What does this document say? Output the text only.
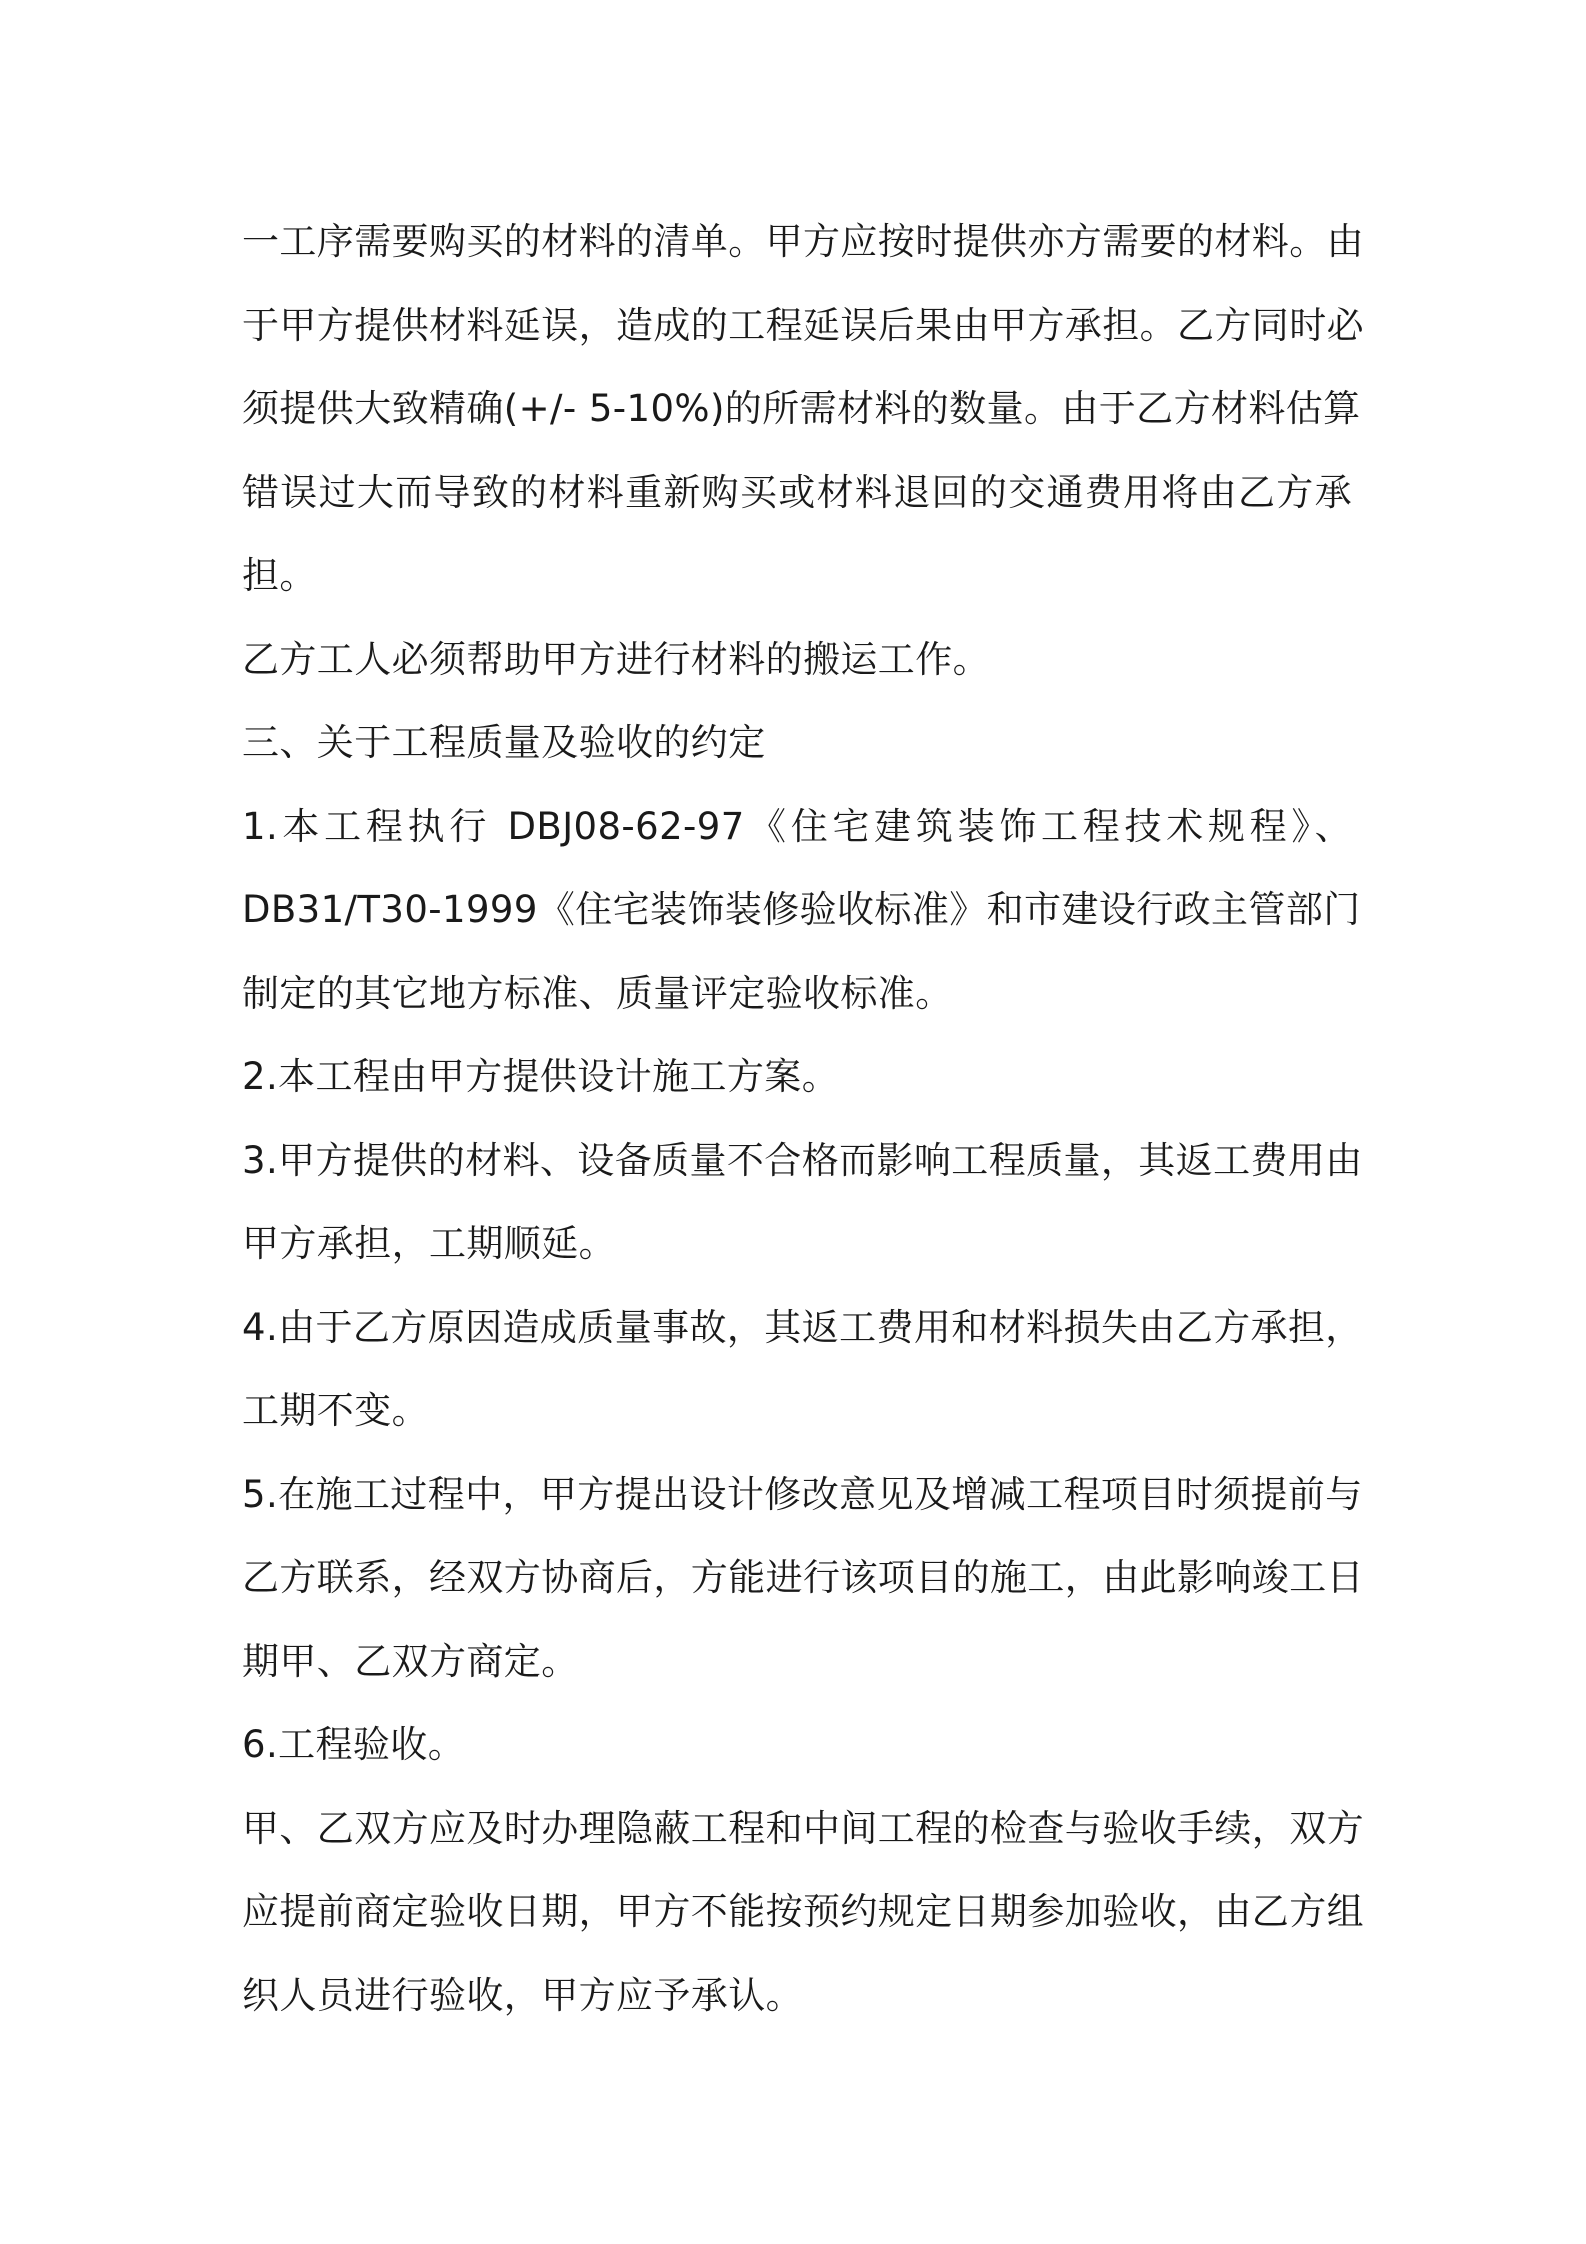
一工序需要购买的材料的清单。甲方应按时提供亦方需要的材料。由
于甲方提供材料延误，造成的工程延误后果由甲方承担。乙方同时必
须提供大致精确(+/- 5-10%)的所需材料的数量。由于乙方材料估算
错误过大而导致的材料重新购买或材料退回的交通费用将由乙方承
担。

乙方工人必须帮助甲方进行材料的搬运工作。

三、关于工程质量及验收的约定

1.本工程执行 DBJ08-62-97《住宅建筑装饰工程技术规程》、
DB31/T30-1999《住宅装饰装修验收标准》和市建设行政主管部门
制定的其它地方标准、质量评定验收标准。

2.本工程由甲方提供设计施工方案。

3.甲方提供的材料、设备质量不合格而影响工程质量，其返工费用由
甲方承担，工期顺延。

4.由于乙方原因造成质量事故，其返工费用和材料损失由乙方承担，
工期不变。

5.在施工过程中，甲方提出设计修改意见及增减工程项目时须提前与
乙方联系，经双方协商后，方能进行该项目的施工，由此影响竣工日
期甲、乙双方商定。

6.工程验收。

甲、乙双方应及时办理隐蔽工程和中间工程的检查与验收手续，双方
应提前商定验收日期，甲方不能按预约规定日期参加验收，由乙方组
织人员进行验收，甲方应予承认。
